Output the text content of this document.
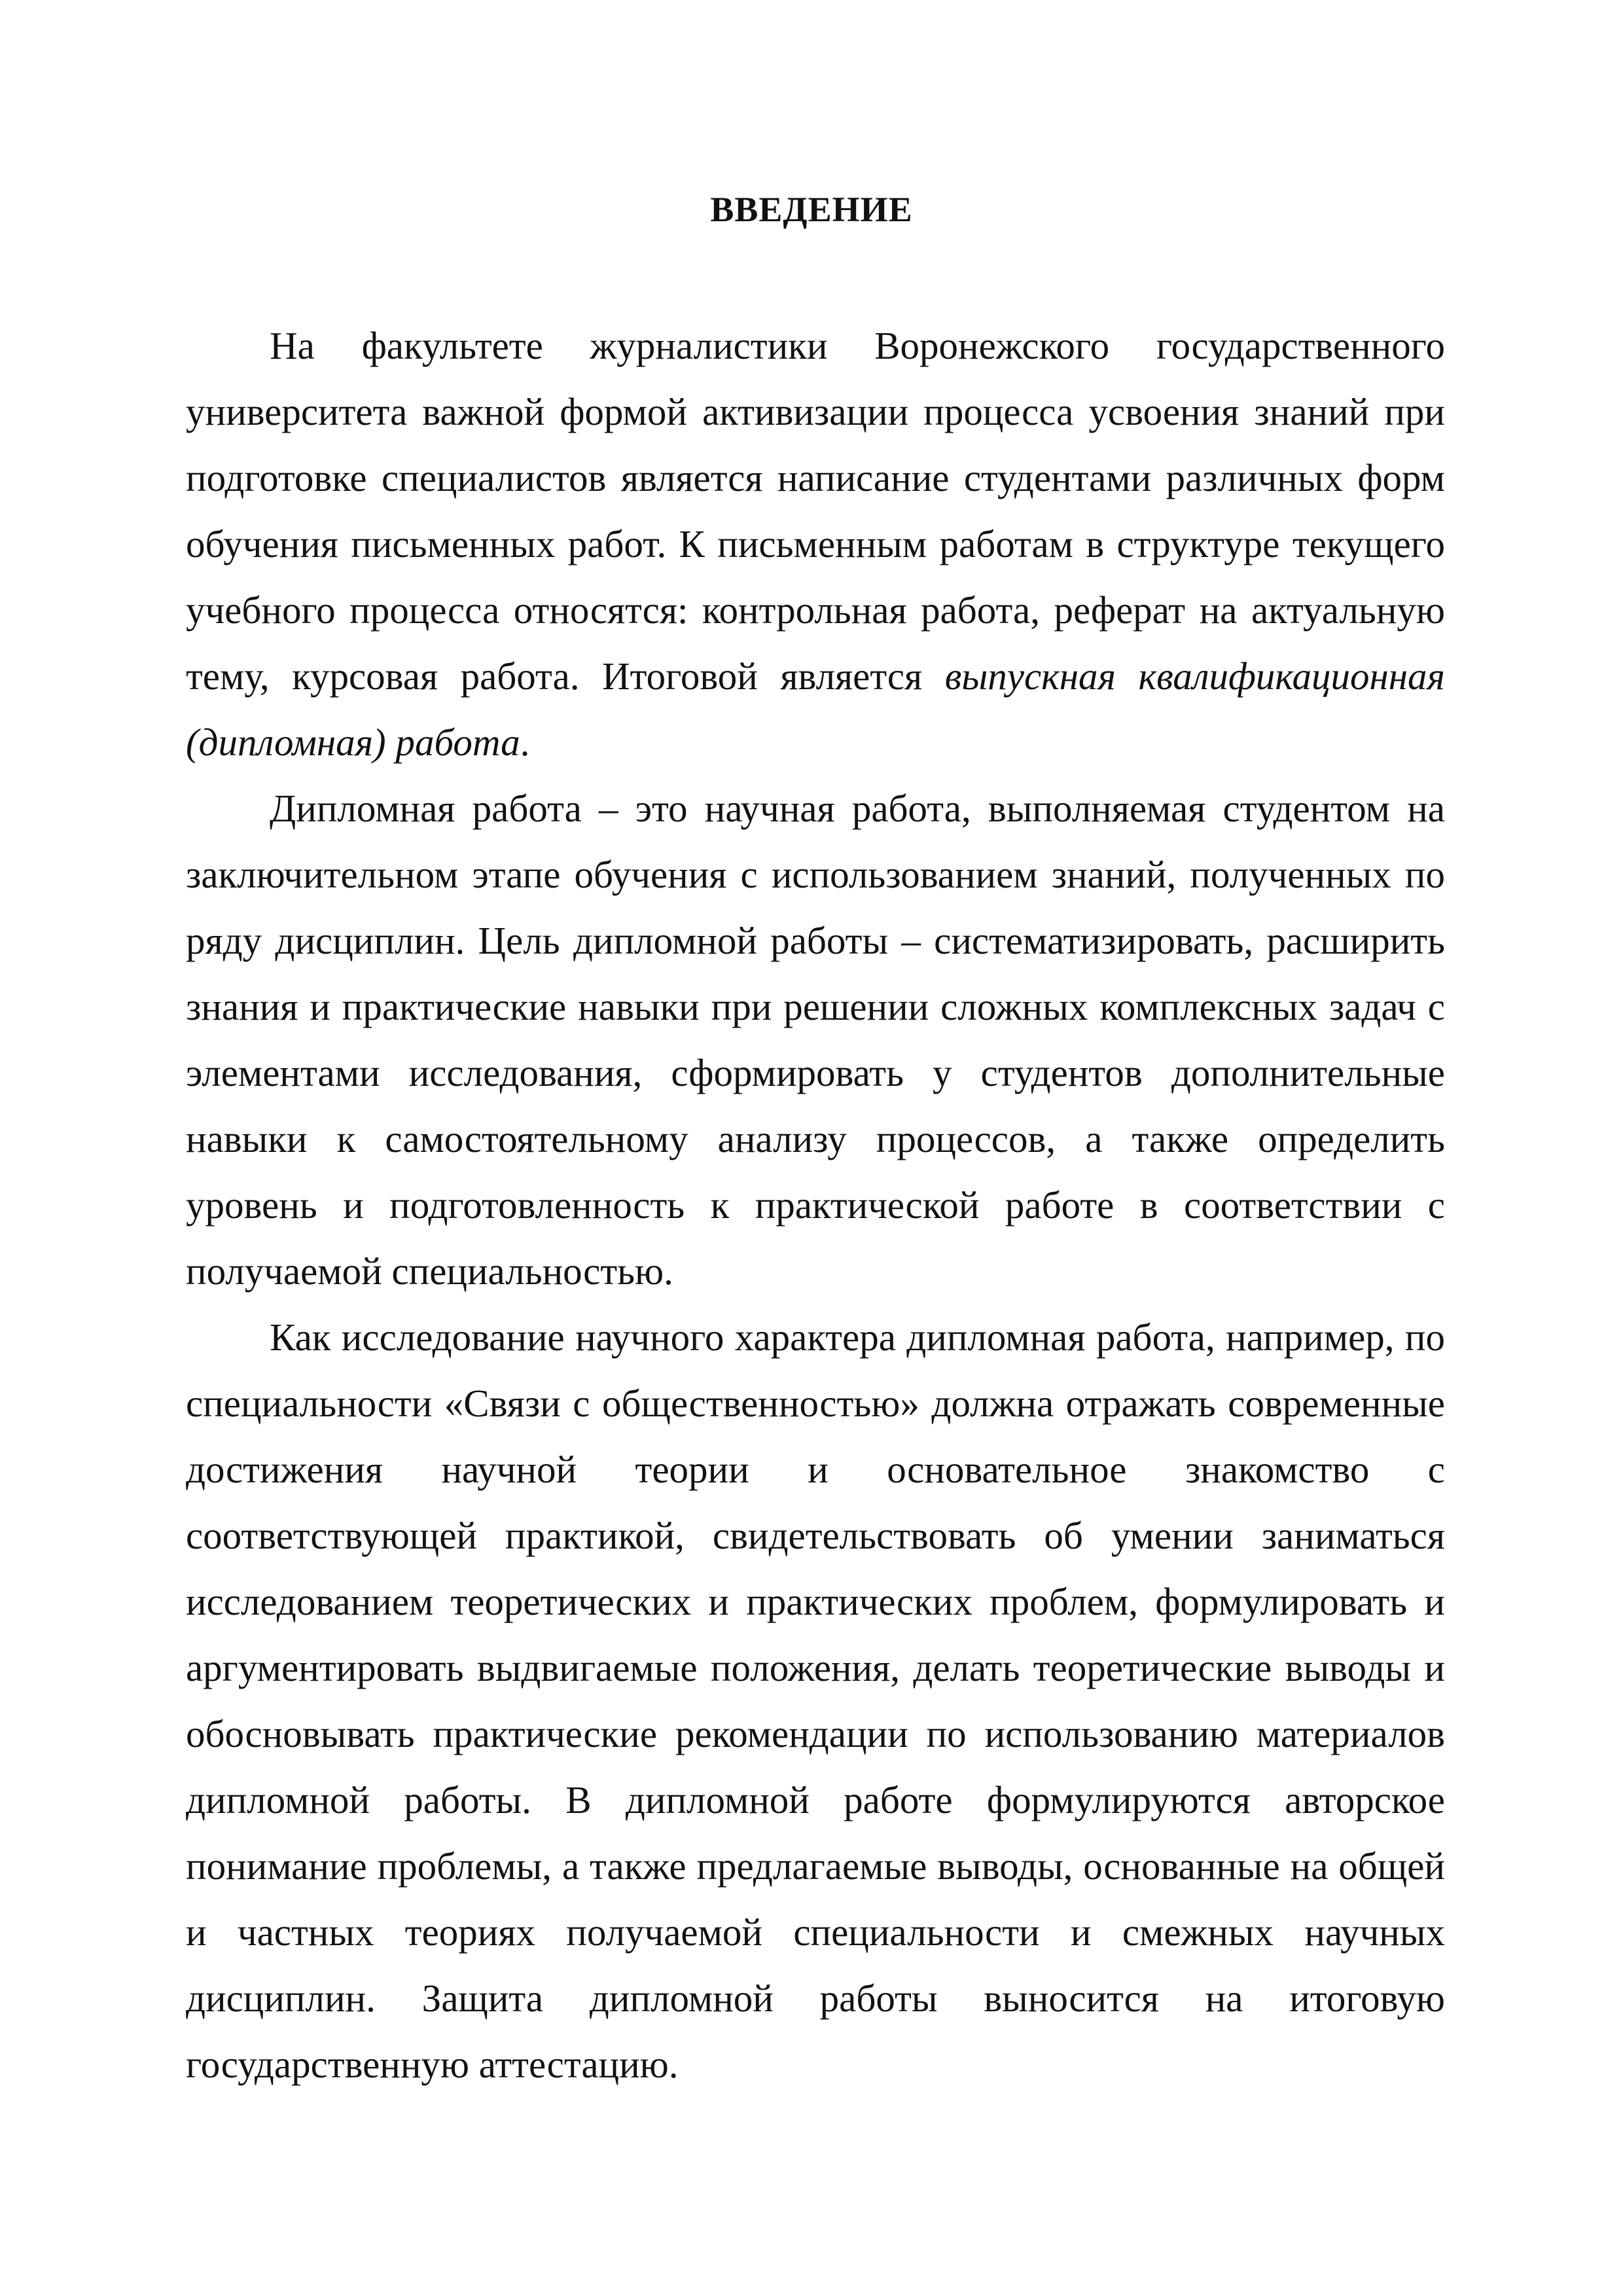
ВВЕДЕНИЕ

На факультете журналистики Воронежского государственного университета важной формой активизации процесса усвоения знаний при подготовке специалистов является написание студентами различных форм обучения письменных работ. К письменным работам в структуре текущего учебного процесса относятся: контрольная работа, реферат на актуальную тему, курсовая работа. Итоговой является выпускная квалификационная (дипломная) работа.

Дипломная работа – это научная работа, выполняемая студентом на заключительном этапе обучения с использованием знаний, полученных по ряду дисциплин. Цель дипломной работы – систематизировать, расширить знания и практические навыки при решении сложных комплексных задач с элементами исследования, сформировать у студентов дополнительные навыки к самостоятельному анализу процессов, а также определить уровень и подготовленность к практической работе в соответствии с получаемой специальностью.

Как исследование научного характера дипломная работа, например, по специальности «Связи с общественностью» должна отражать современные достижения научной теории и основательное знакомство с соответствующей практикой, свидетельствовать об умении заниматься исследованием теоретических и практических проблем, формулировать и аргументировать выдвигаемые положения, делать теоретические выводы и обосновывать практические рекомендации по использованию материалов дипломной работы. В дипломной работе формулируются авторское понимание проблемы, а также предлагаемые выводы, основанные на общей и частных теориях получаемой специальности и смежных научных дисциплин. Защита дипломной работы выносится на итоговую государственную аттестацию.
